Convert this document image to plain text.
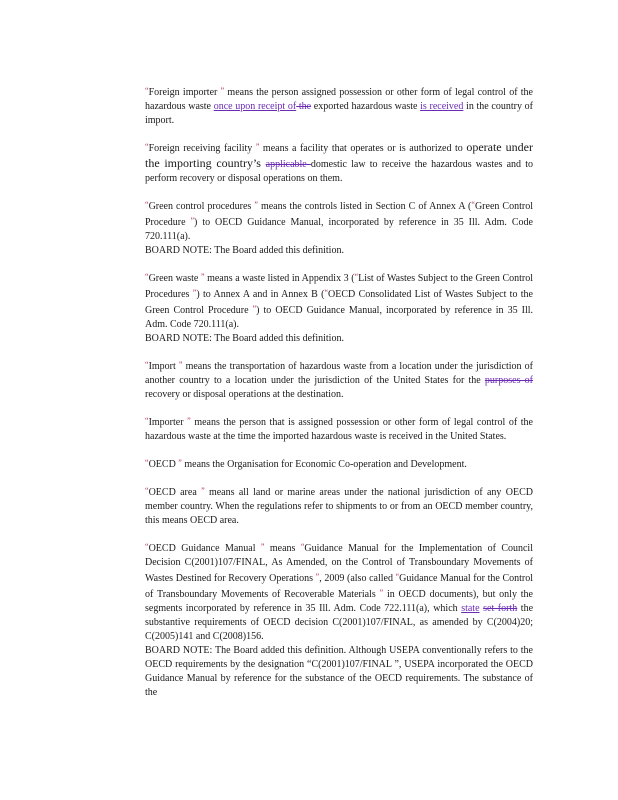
“Foreign importer ” means the person assigned possession or other form of legal control of the hazardous waste once upon receipt of the exported hazardous waste is received in the country of import.

“Foreign receiving facility ” means a facility that operates or is authorized to operate under the importing country’s applicable domestic law to receive the hazardous wastes and to perform recovery or disposal operations on them.

“Green control procedures ” means the controls listed in Section C of Annex A (“Green Control Procedure ”) to OECD Guidance Manual, incorporated by reference in 35 Ill. Adm. Code 720.111(a).

BOARD NOTE: The Board added this definition.

“Green waste ” means a waste listed in Appendix 3 (“List of Wastes Subject to the Green Control Procedures ”) to Annex A and in Annex B (“OECD Consolidated List of Wastes Subject to the Green Control Procedure ”) to OECD Guidance Manual, incorporated by reference in 35 Ill. Adm. Code 720.111(a).

BOARD NOTE: The Board added this definition.

“Import ” means the transportation of hazardous waste from a location under the jurisdiction of another country to a location under the jurisdiction of the United States for the purposes of recovery or disposal operations at the destination.

“Importer ” means the person that is assigned possession or other form of legal control of the hazardous waste at the time the imported hazardous waste is received in the United States.

“OECD ” means the Organisation for Economic Co-operation and Development.

“OECD area ” means all land or marine areas under the national jurisdiction of any OECD member country. When the regulations refer to shipments to or from an OECD member country, this means OECD area.

“OECD Guidance Manual ” means “Guidance Manual for the Implementation of Council Decision C(2001)107/FINAL, As Amended, on the Control of Transboundary Movements of Wastes Destined for Recovery Operations ”, 2009 (also called “Guidance Manual for the Control of Transboundary Movements of Recoverable Materials ” in OECD documents), but only the segments incorporated by reference in 35 Ill. Adm. Code 722.111(a), which state set forth the substantive requirements of OECD decision C(2001)107/FINAL, as amended by C(2004)20; C(2005)141 and C(2008)156.

BOARD NOTE: The Board added this definition. Although USEPA conventionally refers to the OECD requirements by the designation “C(2001)107/FINAL ”, USEPA incorporated the OECD Guidance Manual by reference for the substance of the OECD requirements. The substance of the
